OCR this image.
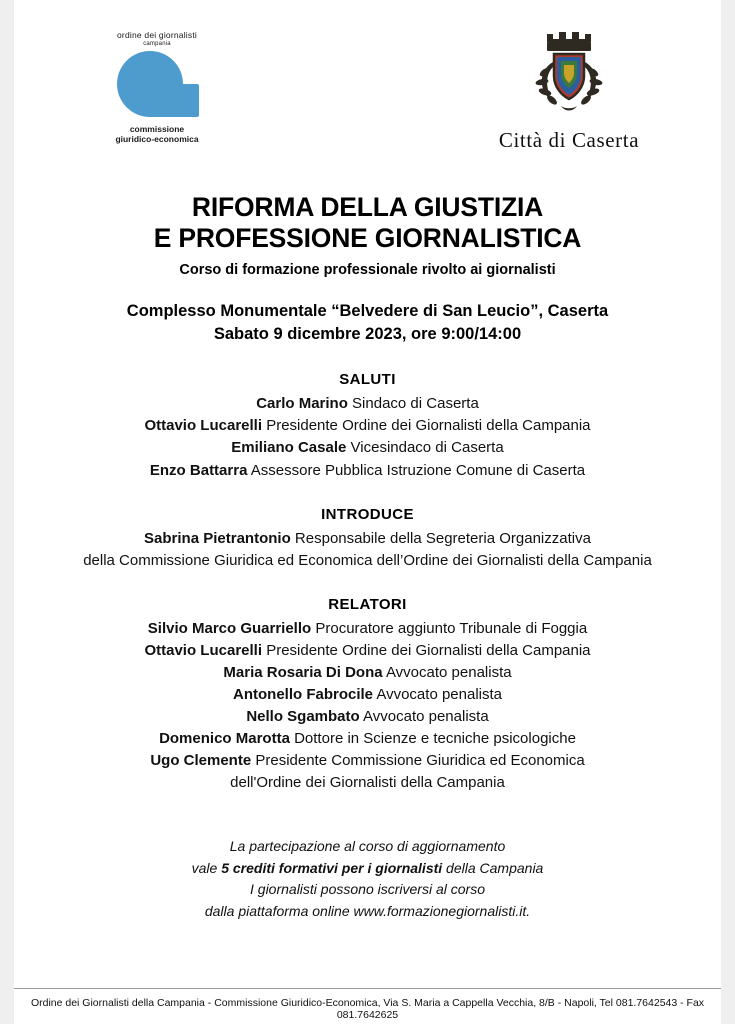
ordine dei giornalisti
campania
commissione
giuridico-economica	Città di Caserta
RIFORMA DELLA GIUSTIZIA
E PROFESSIONE GIORNALISTICA
Corso di formazione professionale rivolto ai giornalisti
Complesso Monumentale “Belvedere di San Leucio”, Caserta
Sabato 9 dicembre 2023, ore 9:00/14:00
SALUTI
Carlo Marino Sindaco di Caserta
Ottavio Lucarelli Presidente Ordine dei Giornalisti della Campania
Emiliano Casale Vicesindaco di Caserta
Enzo Battarra Assessore Pubblica Istruzione Comune di Caserta
INTRODUCE
Sabrina Pietrantonio Responsabile della Segreteria Organizzativa
della Commissione Giuridica ed Economica dell’Ordine dei Giornalisti della Campania
RELATORI
Silvio Marco Guarriello Procuratore aggiunto Tribunale di Foggia
Ottavio Lucarelli Presidente Ordine dei Giornalisti della Campania
Maria Rosaria Di Dona Avvocato penalista
Antonello Fabrocile Avvocato penalista
Nello Sgambato Avvocato penalista
Domenico Marotta Dottore in Scienze e tecniche psicologiche
Ugo Clemente Presidente Commissione Giuridica ed Economica
dell'Ordine dei Giornalisti della Campania
La partecipazione al corso di aggiornamento
vale 5 crediti formativi per i giornalisti della Campania
I giornalisti possono iscriversi al corso
dalla piattaforma online www.formazionegiornalisti.it.
Ordine dei Giornalisti della Campania - Commissione Giuridico-Economica, Via S. Maria a Cappella Vecchia, 8/B - Napoli, Tel 081.7642543 - Fax 081.7642625
